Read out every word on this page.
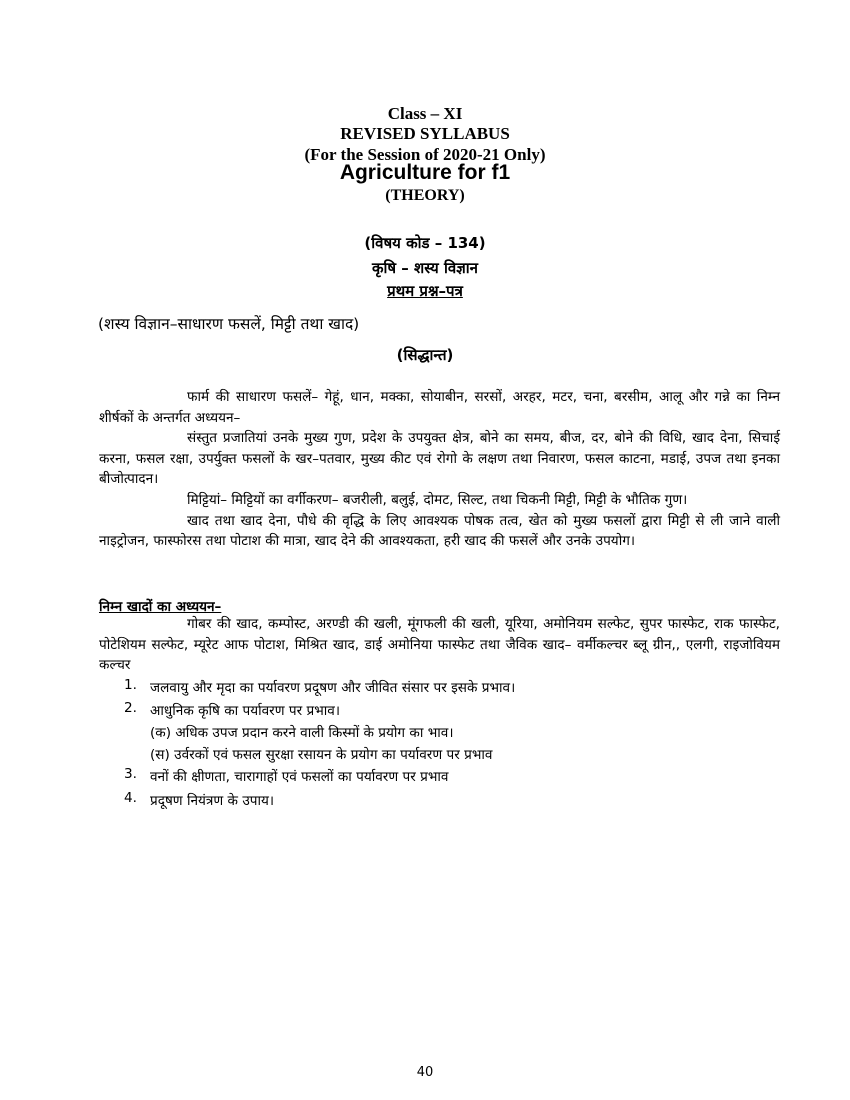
Class – XI
REVISED SYLLABUS
(For the Session of 2020-21 Only)
Agriculture for f1
(THEORY)
(विषय कोड – 134)
कृषि – शस्य विज्ञान
प्रथम प्रश्न–पत्र
(शस्य विज्ञान–साधारण फसलें, मिट्टी तथा खाद)
(सिद्धान्त)

फार्म की साधारण फसलें– गेहूं, धान, मक्का, सोयाबीन, सरसों, अरहर, मटर, चना, बरसीम, आलू और गन्ने का निम्न शीर्षकों के अन्तर्गत अध्ययन–

संस्तुत प्रजातियां उनके मुख्य गुण, प्रदेश के उपयुक्त क्षेत्र, बोने का समय, बीज, दर, बोने की विधि, खाद देना, सिचाई करना, फसल रक्षा, उपर्युक्त फसलों के खर–पतवार, मुख्य कीट एवं रोगो के लक्षण तथा निवारण, फसल काटना, मडाई, उपज तथा इनका बीजोत्पादन।

मिट्टियां– मिट्टियों का वर्गीकरण– बजरीली, बलुई, दोमट, सिल्ट, तथा चिकनी मिट्टी, मिट्टी के भौतिक गुण।

खाद तथा खाद देना, पौधे की वृद्धि के लिए आवश्यक पोषक तत्व, खेत को मुख्य फसलों द्वारा मिट्टी से ली जाने वाली नाइट्रोजन, फास्फोरस तथा पोटाश की मात्रा, खाद देने की आवश्यकता, हरी खाद की फसलें और उनके उपयोग।

निम्न खादों का अध्ययन–

गोबर की खाद, कम्पोस्ट, अरण्डी की खली, मूंगफली की खली, यूरिया, अमोनियम सल्फेट, सुपर फास्फेट, राक फास्फेट, पोटेशियम सल्फेट, म्यूरेट आफ पोटाश, मिश्रित खाद, डाई अमोनिया फास्फेट तथा जैविक खाद– वर्मीकल्चर ब्लू ग्रीन,, एलगी, राइजोवियम कल्चर

1. जलवायु और मृदा का पर्यावरण प्रदूषण और जीवित संसार पर इसके प्रभाव।
2. आधुनिक कृषि का पर्यावरण पर प्रभाव।
(क) अधिक उपज प्रदान करने वाली किस्मों के प्रयोग का भाव।
(स) उर्वरकों एवं फसल सुरक्षा रसायन के प्रयोग का पर्यावरण पर प्रभाव
3. वनों की क्षीणता, चारागाहों एवं फसलों का पर्यावरण पर प्रभाव
4. प्रदूषण नियंत्रण के उपाय।
40
